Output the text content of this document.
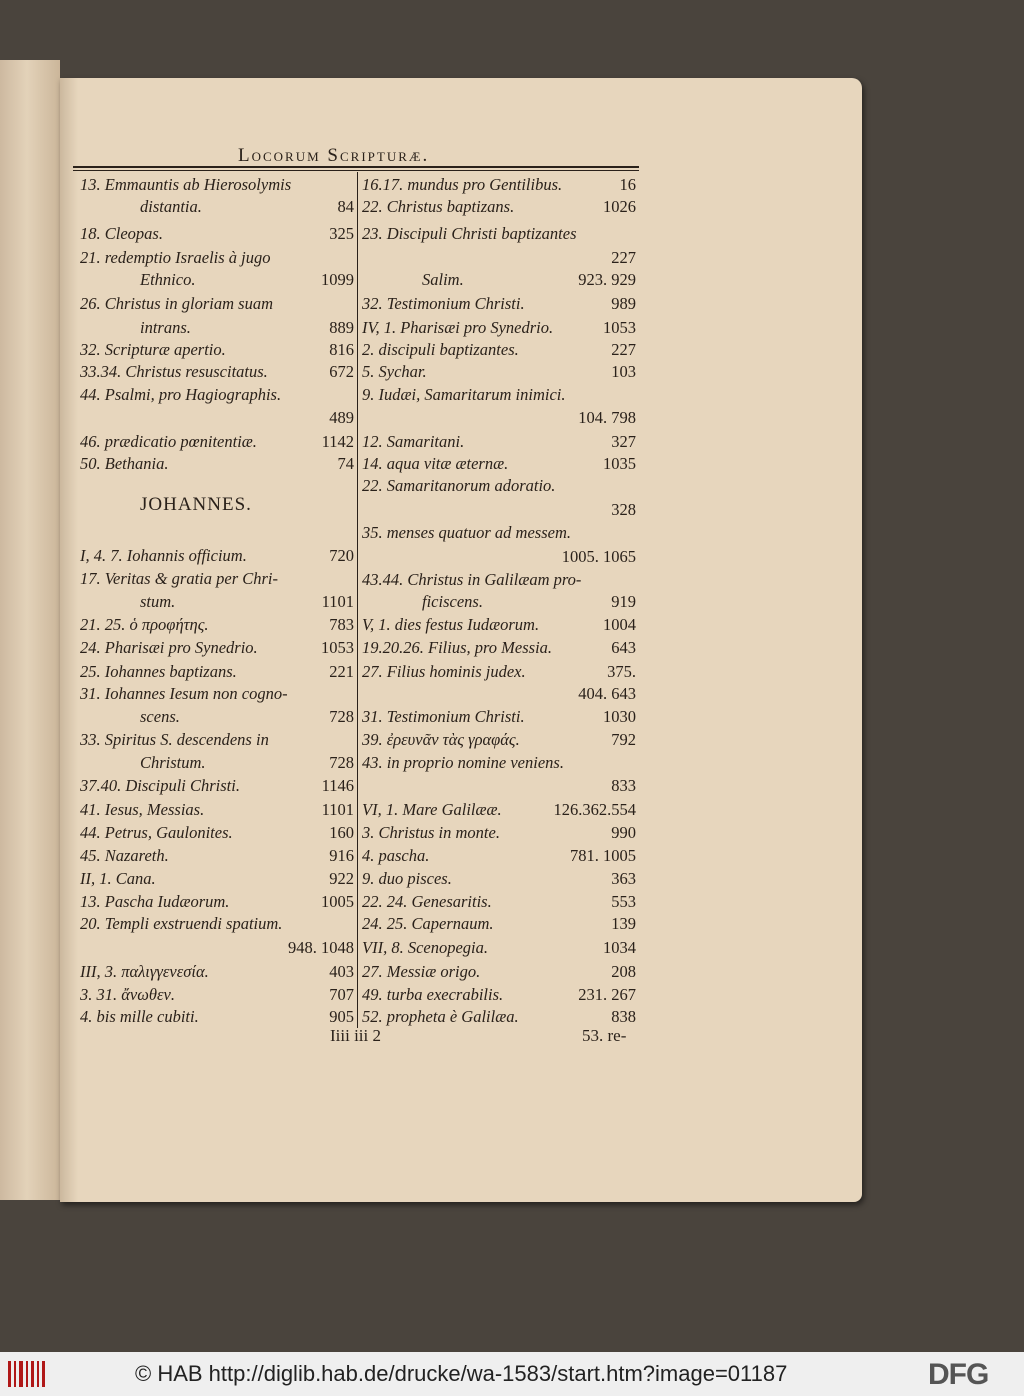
Locorum Scripturæ.
JOHANNES.
Iiii iii 2	53. re-
13. Emmauntis ab Hierosolymis
distantia.	84
18. Cleopas.	325
21. redemptio Israelis à jugo
Ethnico.	1099
26. Christus in gloriam suam
intrans.	889
32. Scripturæ apertio.	816
33.34. Christus resuscitatus.	672
44. Psalmi, pro Hagiographis.
489
46. prædicatio pœnitentiæ.	1142
50. Bethania.	74
I, 4. 7. Iohannis officium.	720
17. Veritas & gratia per Chri-
stum.	1101
21. 25. ὁ προφήτης.	783
24. Pharisæi pro Synedrio.	1053
25. Iohannes baptizans.	221
31. Iohannes Iesum non cogno-
scens.	728
33. Spiritus S. descendens in
Christum.	728
37.40. Discipuli Christi.	1146
41. Iesus, Messias.	1101
44. Petrus, Gaulonites.	160
45. Nazareth.	916
II, 1. Cana.	922
13. Pascha Iudæorum.	1005
20. Templi exstruendi spatium.
948. 1048
III, 3. παλιγγενεσία.	403
3. 31. ἄνωθεν.	707
4. bis mille cubiti.	905
16.17. mundus pro Gentilibus.	16
22. Christus baptizans.	1026
23. Discipuli Christi baptizantes
227
Salim.	923. 929
32. Testimonium Christi.	989
IV, 1. Pharisæi pro Synedrio.	1053
2. discipuli baptizantes.	227
5. Sychar.	103
9. Iudæi, Samaritarum inimici.
104. 798
12. Samaritani.	327
14. aqua vitæ æternæ.	1035
22. Samaritanorum adoratio.
328
35. menses quatuor ad messem.
1005. 1065
43.44. Christus in Galilæam pro-
ficiscens.	919
V, 1. dies festus Iudæorum.	1004
19.20.26. Filius, pro Messia.	643
27. Filius hominis judex.	375.
404. 643
31. Testimonium Christi.	1030
39. ἐρευνᾶν τὰς γραφάς.	792
43. in proprio nomine veniens.
833
VI, 1. Mare Galilææ.	126.362.554
3. Christus in monte.	990
4. pascha.	781. 1005
9. duo pisces.	363
22. 24. Genesaritis.	553
24. 25. Capernaum.	139
VII, 8. Scenopegia.	1034
27. Messiæ origo.	208
49. turba execrabilis.	231. 267
52. propheta è Galilæa.	838
© HAB http://diglib.hab.de/drucke/wa-1583/start.htm?image=01187	DFG
